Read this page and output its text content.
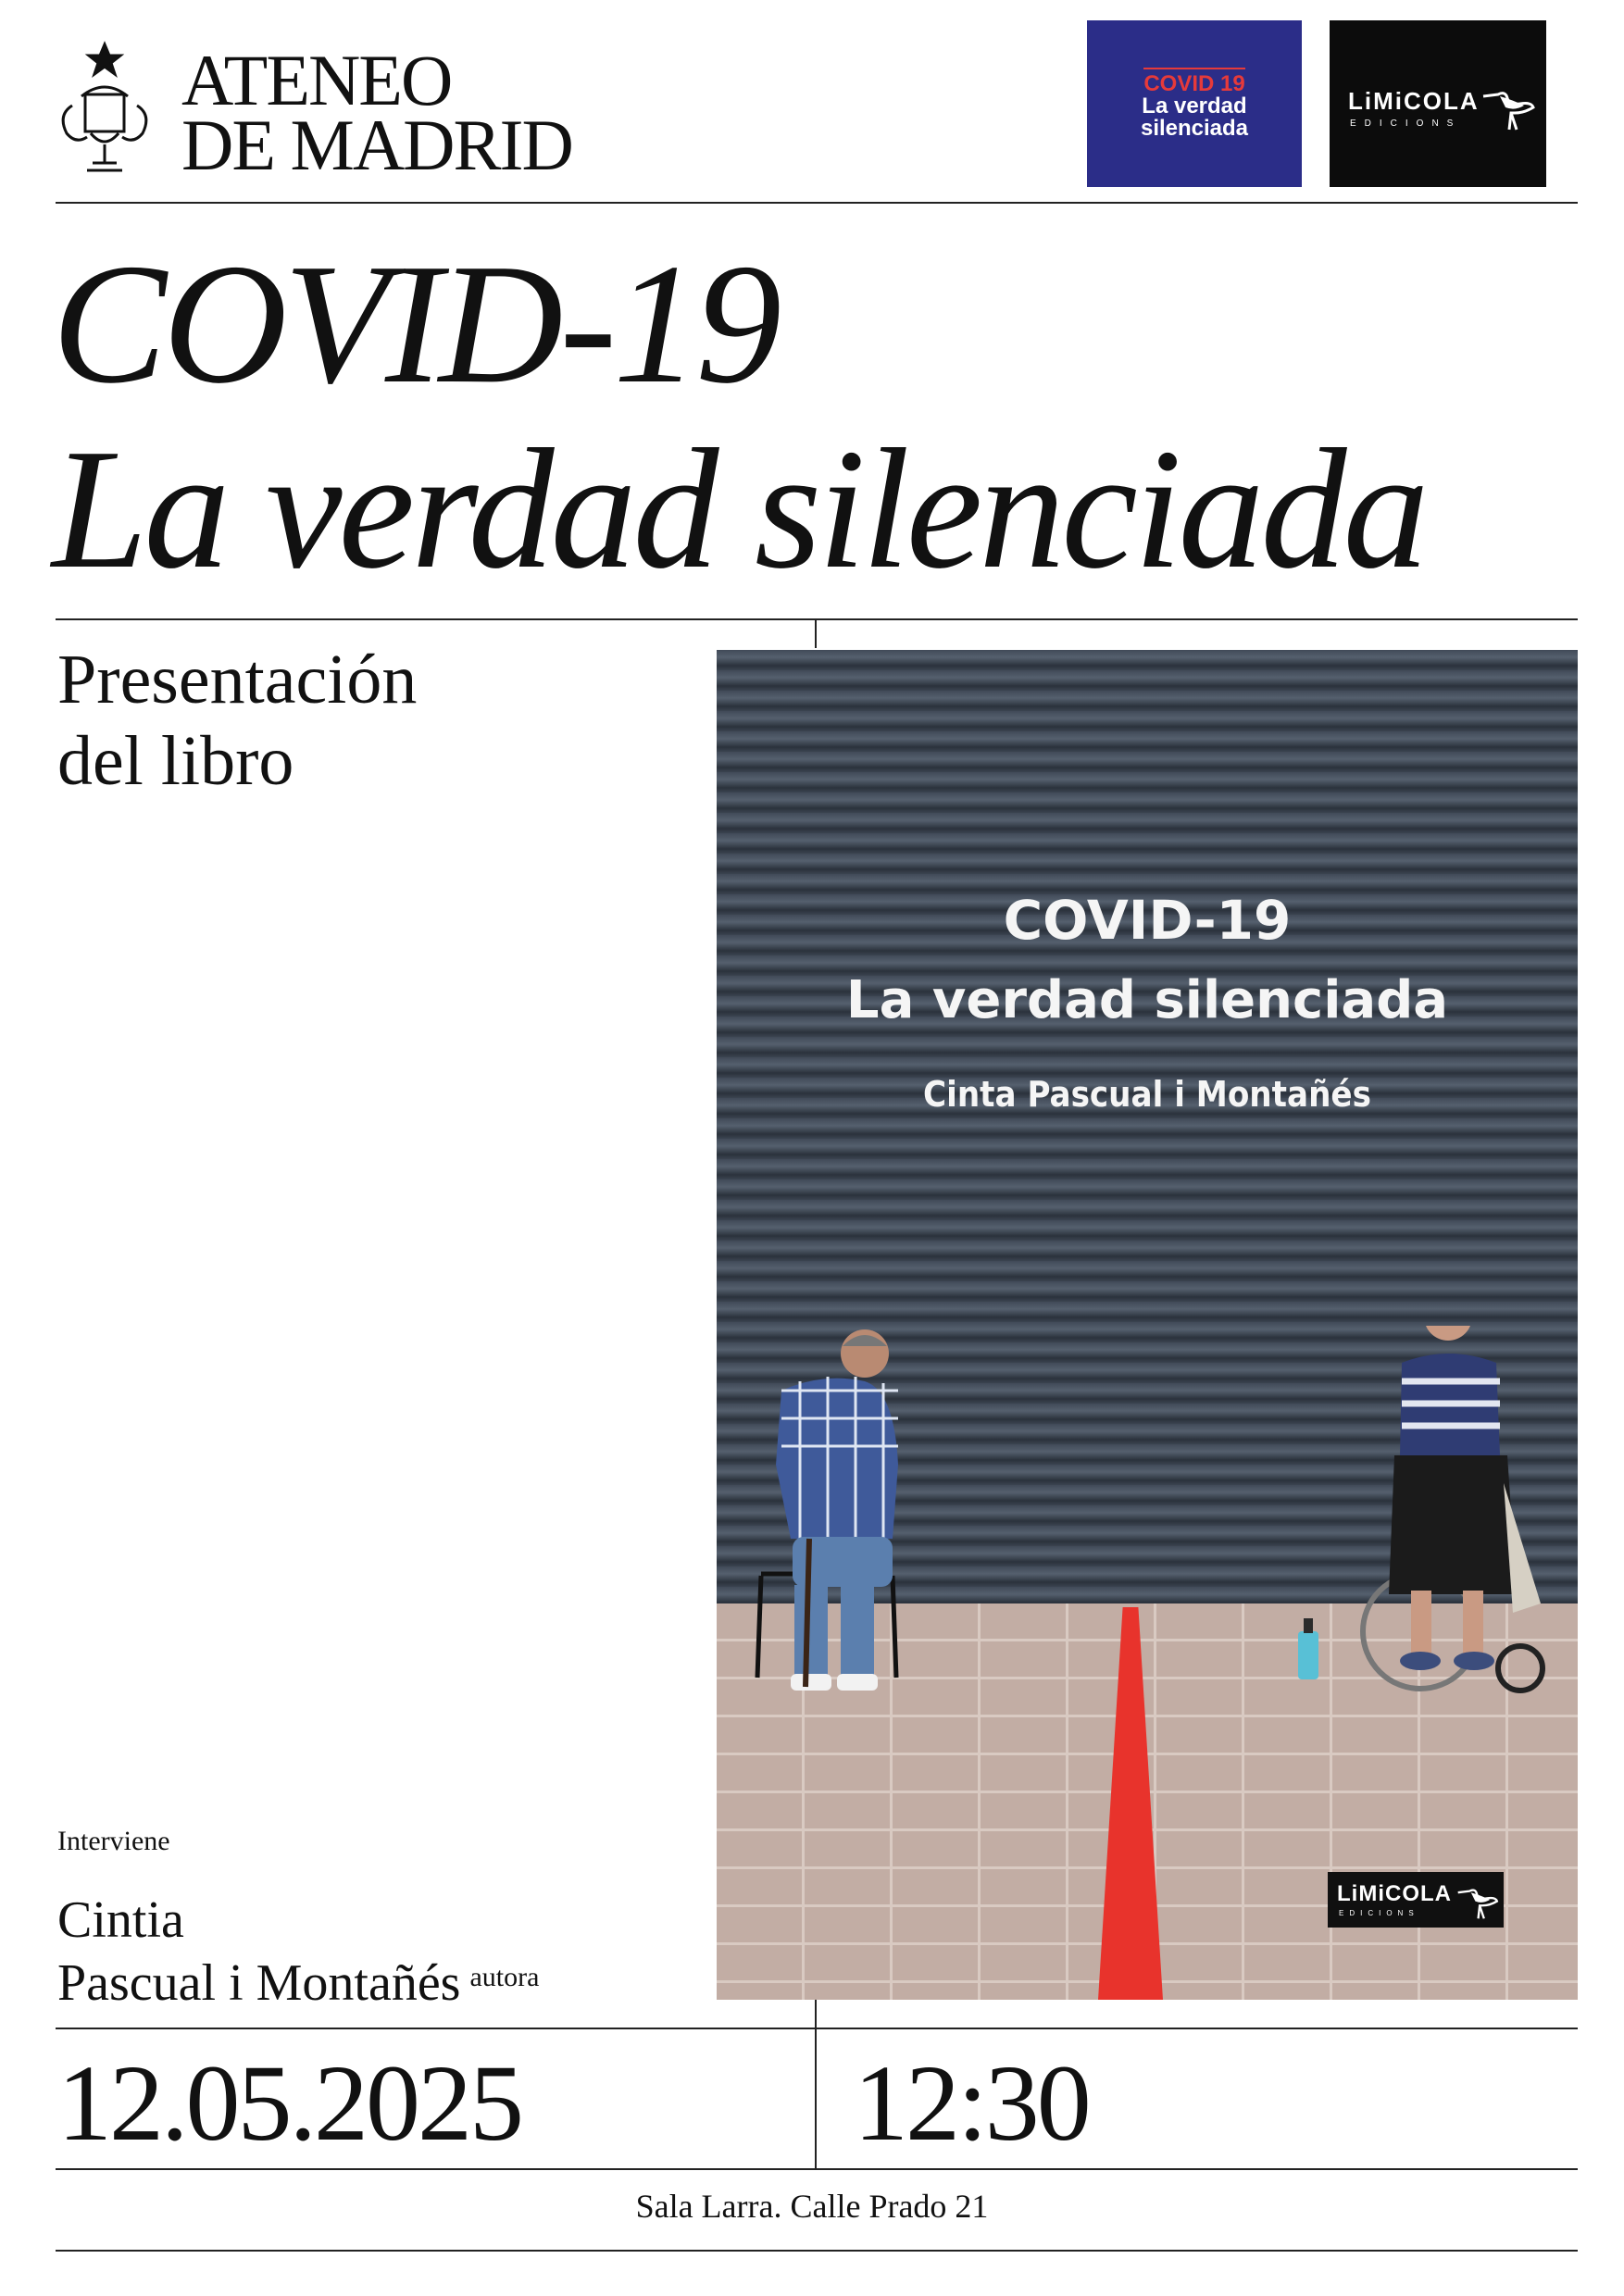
ATENEO
DE MADRID
COVID 19
La verdad
silenciada
LiMiCOLA
EDICIONS
COVID-19
La verdad silenciada
Presentación
del libro
COVID-19
La verdad silenciada
Cinta Pascual i Montañés
LiMiCOLA
EDICIONS
Interviene
Cintia
Pascual i Montañés $^{autora}$
12.05.2025	12:30
Sala Larra. Calle Prado 21
